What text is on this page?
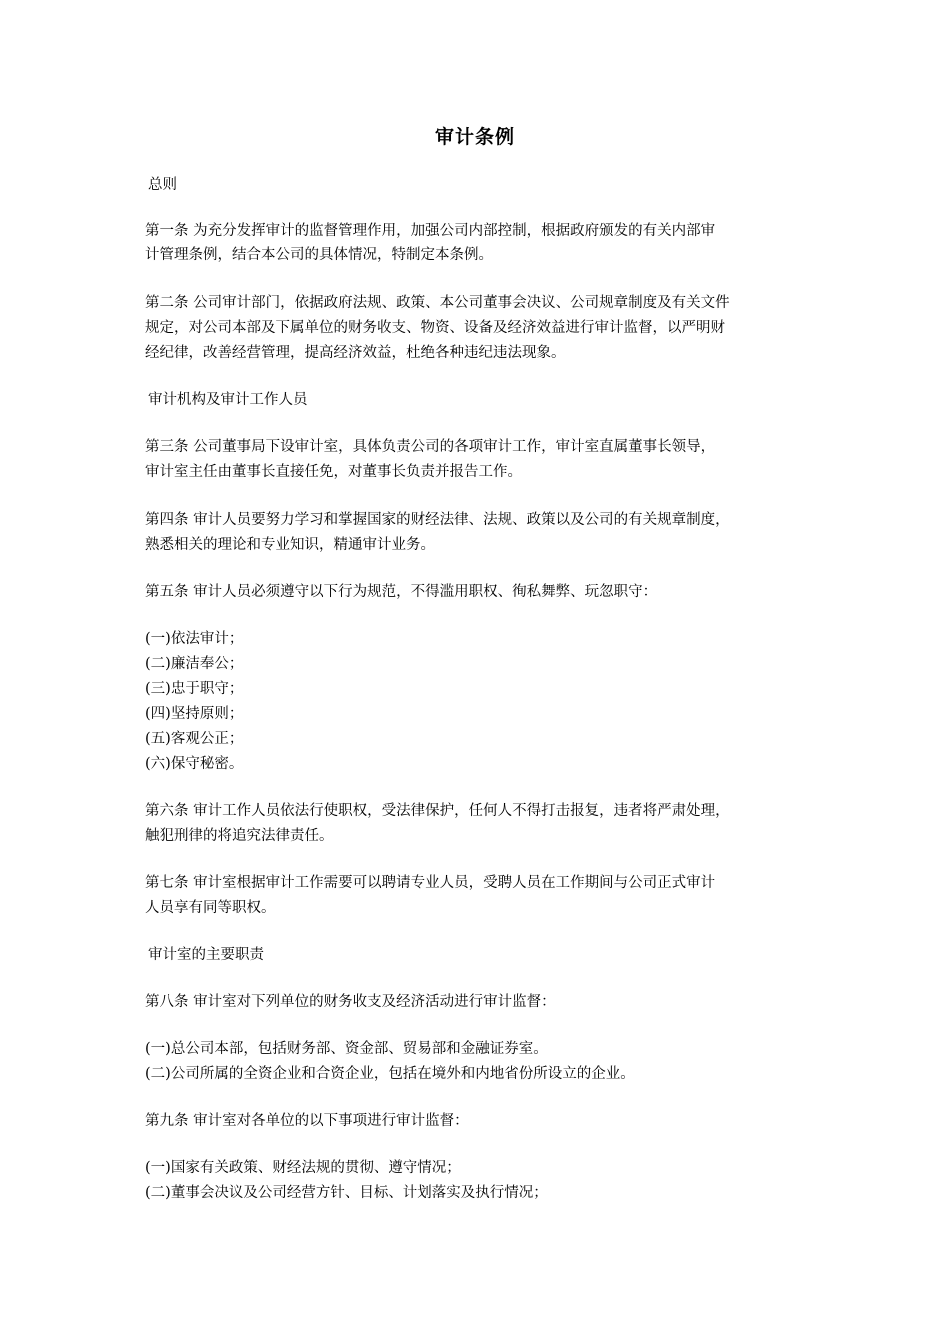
审计条例
总则
第一条 为充分发挥审计的监督管理作用，加强公司内部控制，根据政府颁发的有关内部审
计管理条例，结合本公司的具体情况，特制定本条例。
第二条 公司审计部门，依据政府法规、政策、本公司董事会决议、公司规章制度及有关文件
规定，对公司本部及下属单位的财务收支、物资、设备及经济效益进行审计监督，以严明财
经纪律，改善经营管理，提高经济效益，杜绝各种违纪违法现象。
审计机构及审计工作人员
第三条 公司董事局下设审计室，具体负责公司的各项审计工作，审计室直属董事长领导，
审计室主任由董事长直接任免，对董事长负责并报告工作。
第四条 审计人员要努力学习和掌握国家的财经法律、法规、政策以及公司的有关规章制度，
熟悉相关的理论和专业知识，精通审计业务。
第五条 审计人员必须遵守以下行为规范，不得滥用职权、徇私舞弊、玩忽职守：
(一)依法审计；
(二)廉洁奉公；
(三)忠于职守；
(四)坚持原则；
(五)客观公正；
(六)保守秘密。
第六条 审计工作人员依法行使职权，受法律保护，任何人不得打击报复，违者将严肃处理，
触犯刑律的将追究法律责任。
第七条 审计室根据审计工作需要可以聘请专业人员，受聘人员在工作期间与公司正式审计
人员享有同等职权。
审计室的主要职责
第八条 审计室对下列单位的财务收支及经济活动进行审计监督：
(一)总公司本部，包括财务部、资金部、贸易部和金融证券室。
(二)公司所属的全资企业和合资企业，包括在境外和内地省份所设立的企业。
第九条 审计室对各单位的以下事项进行审计监督：
(一)国家有关政策、财经法规的贯彻、遵守情况；
(二)董事会决议及公司经营方针、目标、计划落实及执行情况；
